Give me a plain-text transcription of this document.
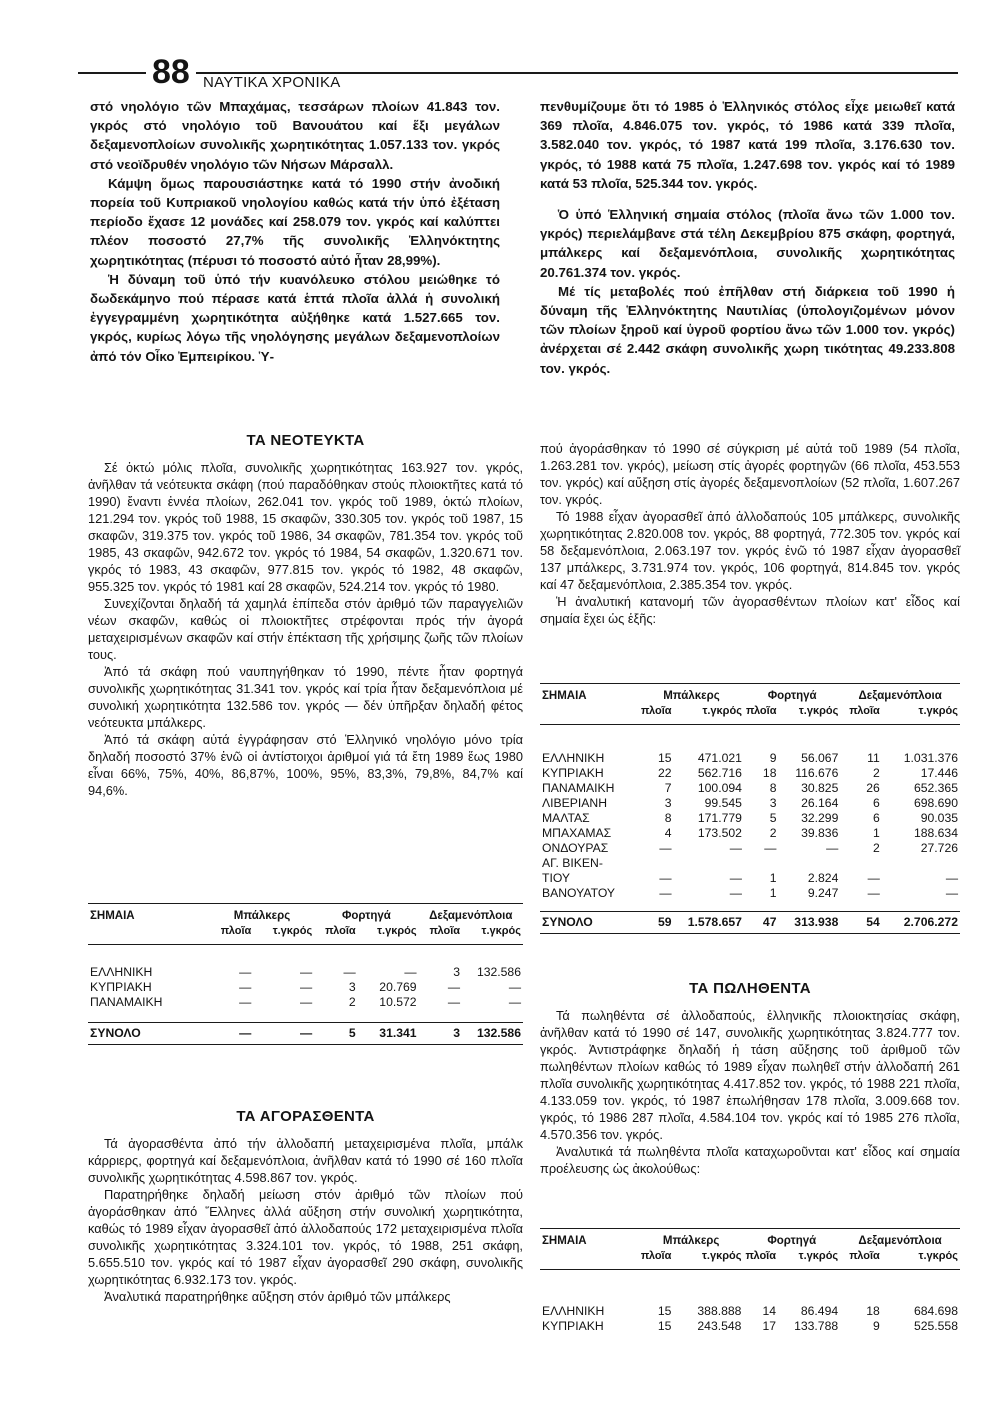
88 ΝΑΥΤΙΚΑ ΧΡΟΝΙΚΑ

στό νηολόγιο τῶν Μπαχάμας, τεσσάρων πλοίων 41.843 τον. γκρός στό νηολόγιο τοῦ Βανουάτου καί ἕξι μεγάλων δεξαμενοπλοίων συνολικῆς χωρητικότητας 1.057.133 τον. γκρός στό νεοϊδρυθέν νηολόγιο τῶν Νήσων Μάρσαλλ.

Κάμψη ὅμως παρουσιάστηκε κατά τό 1990 στήν ἀνοδική πορεία τοῦ Κυπριακοῦ νηολογίου καθώς κατά τήν ὑπό ἐξέταση περίοδο ἔχασε 12 μονάδες καί 258.079 τον. γκρός καί καλύπτει πλέον ποσοστό 27,7% τῆς συνολικῆς Ἑλληνόκτητης χωρητικότητας (πέρυσι τό ποσοστό αὐτό ἦταν 28,99%).

Ἡ δύναμη τοῦ ὑπό τήν κυανόλευκο στόλου μειώθηκε τό δωδεκάμηνο πού πέρασε κατά ἑπτά πλοῖα ἀλλά ἡ συνολική ἐγγεγραμμένη χωρητικότητα αὐξήθηκε κατά 1.527.665 τον. γκρός, κυρίως λόγω τῆς νηολόγησης μεγάλων δεξαμενοπλοίων ἀπό τόν Οἶκο Ἐμπειρίκου. Ὑ-

πενθυμίζουμε ὅτι τό 1985 ὁ Ἑλληνικός στόλος εἶχε μειωθεῖ κατά 369 πλοῖα, 4.846.075 τον. γκρός, τό 1986 κατά 339 πλοῖα, 3.582.040 τον. γκρός, τό 1987 κατά 199 πλοῖα, 3.176.630 τον. γκρός, τό 1988 κατά 75 πλοῖα, 1.247.698 τον. γκρός καί τό 1989 κατά 53 πλοῖα, 525.344 τον. γκρός.

Ὁ ὑπό Ἑλληνική σημαία στόλος (πλοῖα ἄνω τῶν 1.000 τον. γκρός) περιελάμβανε στά τέλη Δεκεμβρίου 875 σκάφη, φορτηγά, μπάλκερς καί δεξαμενόπλοια, συνολικῆς χωρητικότητας 20.761.374 τον. γκρός.

Μέ τίς μεταβολές πού ἐπῆλθαν στή διάρκεια τοῦ 1990 ἡ δύναμη τῆς Ἑλληνόκτητης Ναυτιλίας (ὑπολογιζομένων μόνον τῶν πλοίων ξηροῦ καί ὑγροῦ φορτίου ἄνω τῶν 1.000 τον. γκρός) ἀνέρχεται σέ 2.442 σκάφη συνολικῆς χωρη τικότητας 49.233.808 τον. γκρός.

ΤΑ ΝΕΟΤΕΥΚΤΑ

Σέ ὀκτώ μόλις πλοῖα, συνολικῆς χωρητικότητας 163.927 τον. γκρός, ἀνῆλθαν τά νεότευκτα σκάφη (πού παραδόθηκαν στούς πλοιοκτῆτες κατά τό 1990) ἔναντι ἐννέα πλοίων, 262.041 τον. γκρός τοῦ 1989, ὀκτώ πλοίων, 121.294 τον. γκρός τοῦ 1988, 15 σκαφῶν, 330.305 τον. γκρός τοῦ 1987, 15 σκαφῶν, 319.375 τον. γκρός τοῦ 1986, 34 σκαφῶν, 781.354 τον. γκρός τοῦ 1985, 43 σκαφῶν, 942.672 τον. γκρός τό 1984, 54 σκαφῶν, 1.320.671 τον. γκρός τό 1983, 43 σκαφῶν, 977.815 τον. γκρός τό 1982, 48 σκαφῶν, 955.325 τον. γκρός τό 1981 καί 28 σκαφῶν, 524.214 τον. γκρός τό 1980.

Συνεχίζονται δηλαδή τά χαμηλά ἐπίπεδα στόν ἀριθμό τῶν παραγγελιῶν νέων σκαφῶν, καθώς οἱ πλοιοκτῆτες στρέφονται πρός τήν ἀγορά μεταχειρισμένων σκαφῶν καί στήν ἐπέκταση τῆς χρήσιμης ζωῆς τῶν πλοίων τους.

Ἀπό τά σκάφη πού ναυπηγήθηκαν τό 1990, πέντε ἦταν φορτηγά συνολικῆς χωρητικότητας 31.341 τον. γκρός καί τρία ἦταν δεξαμενόπλοια μέ συνολική χωρητικότητα 132.586 τον. γκρός — δέν ὑπῆρξαν δηλαδή φέτος νεότευκτα μπάλκερς.

Ἀπό τά σκάφη αὐτά ἐγγράφησαν στό Ἑλληνικό νηολόγιο μόνο τρία δηλαδή ποσοστό 37% ἐνῶ οἱ ἀντίστοιχοι ἀριθμοί γιά τά ἔτη 1989 ἕως 1980 εἶναι 66%, 75%, 40%, 86,87%, 100%, 95%, 83,3%, 79,8%, 84,7% καί 94,6%.

ΣΗΜΑΙΑ	Μπάλκερς		Φορτηγά		Δεξαμενόπλοια	
	πλοῖα	τ.γκρός	πλοῖα	τ.γκρός	πλοῖα	τ.γκρός

ΕΛΛΗΝΙΚΗ	—	—	—	—	3	132.586
ΚΥΠΡΙΑΚΗ	—	—	3	20.769	—	—
ΠΑΝΑΜΑΙΚΗ	—	—	2	10.572	—	—

ΣΥΝΟΛΟ	—	—	5	31.341	3	132.586
ΤΑ ΑΓΟΡΑΣΘΕΝΤΑ

Τά ἀγορασθέντα ἀπό τήν ἀλλοδαπή μεταχειρισμένα πλοῖα, μπάλκ κάρριερς, φορτηγά καί δεξαμενόπλοια, ἀνῆλθαν κατά τό 1990 σέ 160 πλοῖα συνολικῆς χωρητικότητας 4.598.867 τον. γκρός.

Παρατηρήθηκε δηλαδή μείωση στόν ἀριθμό τῶν πλοίων πού ἀγοράσθηκαν ἀπό Ἕλληνες ἀλλά αὔξηση στήν συνολική χωρητικότητα, καθώς τό 1989 εἶχαν ἀγορασθεῖ ἀπό ἀλλοδαπούς 172 μεταχειρισμένα πλοῖα συνολικῆς χωρητικότητας 3.324.101 τον. γκρός, τό 1988, 251 σκάφη, 5.655.510 τον. γκρός καί τό 1987 εἶχαν ἀγορασθεῖ 290 σκάφη, συνολικῆς χωρητικότητας 6.932.173 τον. γκρός.

Ἀναλυτικά παρατηρήθηκε αὔξηση στόν ἀριθμό τῶν μπάλκερς

πού ἀγοράσθηκαν τό 1990 σέ σύγκριση μέ αὐτά τοῦ 1989 (54 πλοῖα, 1.263.281 τον. γκρός), μείωση στίς ἀγορές φορτηγῶν (66 πλοῖα, 453.553 τον. γκρός) καί αὔξηση στίς ἀγορές δεξαμενοπλοίων (52 πλοῖα, 1.607.267 τον. γκρός.

Τό 1988 εἶχαν ἀγορασθεῖ ἀπό ἀλλοδαπούς 105 μπάλκερς, συνολικῆς χωρητικότητας 2.820.008 τον. γκρός, 88 φορτηγά, 772.305 τον. γκρός καί 58 δεξαμενόπλοια, 2.063.197 τον. γκρός ἐνῶ τό 1987 εἶχαν ἀγορασθεῖ 137 μπάλκερς, 3.731.974 τον. γκρός, 106 φορτηγά, 814.845 τον. γκρός καί 47 δεξαμενόπλοια, 2.385.354 τον. γκρός.

Ἡ ἀναλυτική κατανομή τῶν ἀγορασθέντων πλοίων κατ' εἶδος καί σημαία ἔχει ὡς ἑξῆς:

ΣΗΜΑΙΑ	Μπάλκερς		Φορτηγά		Δεξαμενόπλοια	
	πλοῖα	τ.γκρός	πλοῖα	τ.γκρός	πλοῖα	τ.γκρός

ΕΛΛΗΝΙΚΗ	15	471.021	9	56.067	11	1.031.376
ΚΥΠΡΙΑΚΗ	22	562.716	18	116.676	2	17.446
ΠΑΝΑΜΑΙΚΗ	7	100.094	8	30.825	26	652.365
ΛΙΒΕΡΙΑΝΗ	3	99.545	3	26.164	6	698.690
ΜΑΛΤΑΣ	8	171.779	5	32.299	6	90.035
ΜΠΑΧΑΜΑΣ	4	173.502	2	39.836	1	188.634
ΟΝΔΟΥΡΑΣ	—	—	—	—	2	27.726
ΑΓ. ΒΙΚΕΝ-						
ΤΙΟΥ	—	—	1	2.824	—	—
ΒΑΝΟΥΑΤΟΥ	—	—	1	9.247	—	—

ΣΥΝΟΛΟ	59	1.578.657	47	313.938	54	2.706.272
ΤΑ ΠΩΛΗΘΕΝΤΑ

Τά πωληθέντα σέ ἀλλοδαπούς, ἑλληνικῆς πλοιοκτησίας σκάφη, ἀνῆλθαν κατά τό 1990 σέ 147, συνολικῆς χωρητικότητας 3.824.777 τον. γκρός. Ἀντιστράφηκε δηλαδή ἡ τάση αὔξησης τοῦ ἀριθμοῦ τῶν πωληθέντων πλοίων καθώς τό 1989 εἶχαν πωληθεῖ στήν ἀλλοδαπή 261 πλοῖα συνολικῆς χωρητικότητας 4.417.852 τον. γκρός, τό 1988 221 πλοῖα, 4.133.059 τον. γκρός, τό 1987 ἐπωλήθησαν 178 πλοῖα, 3.009.668 τον. γκρός, τό 1986 287 πλοῖα, 4.584.104 τον. γκρός καί τό 1985 276 πλοῖα, 4.570.356 τον. γκρός.

Ἀναλυτικά τά πωληθέντα πλοῖα καταχωροῦνται κατ' εἶδος καί σημαία προέλευσης ὡς ἀκολούθως:

ΣΗΜΑΙΑ	Μπάλκερς		Φορτηγά		Δεξαμενόπλοια	
	πλοῖα	τ.γκρός	πλοῖα	τ.γκρός	πλοῖα	τ.γκρός

ΕΛΛΗΝΙΚΗ	15	388.888	14	86.494	18	684.698
ΚΥΠΡΙΑΚΗ	15	243.548	17	133.788	9	525.558
